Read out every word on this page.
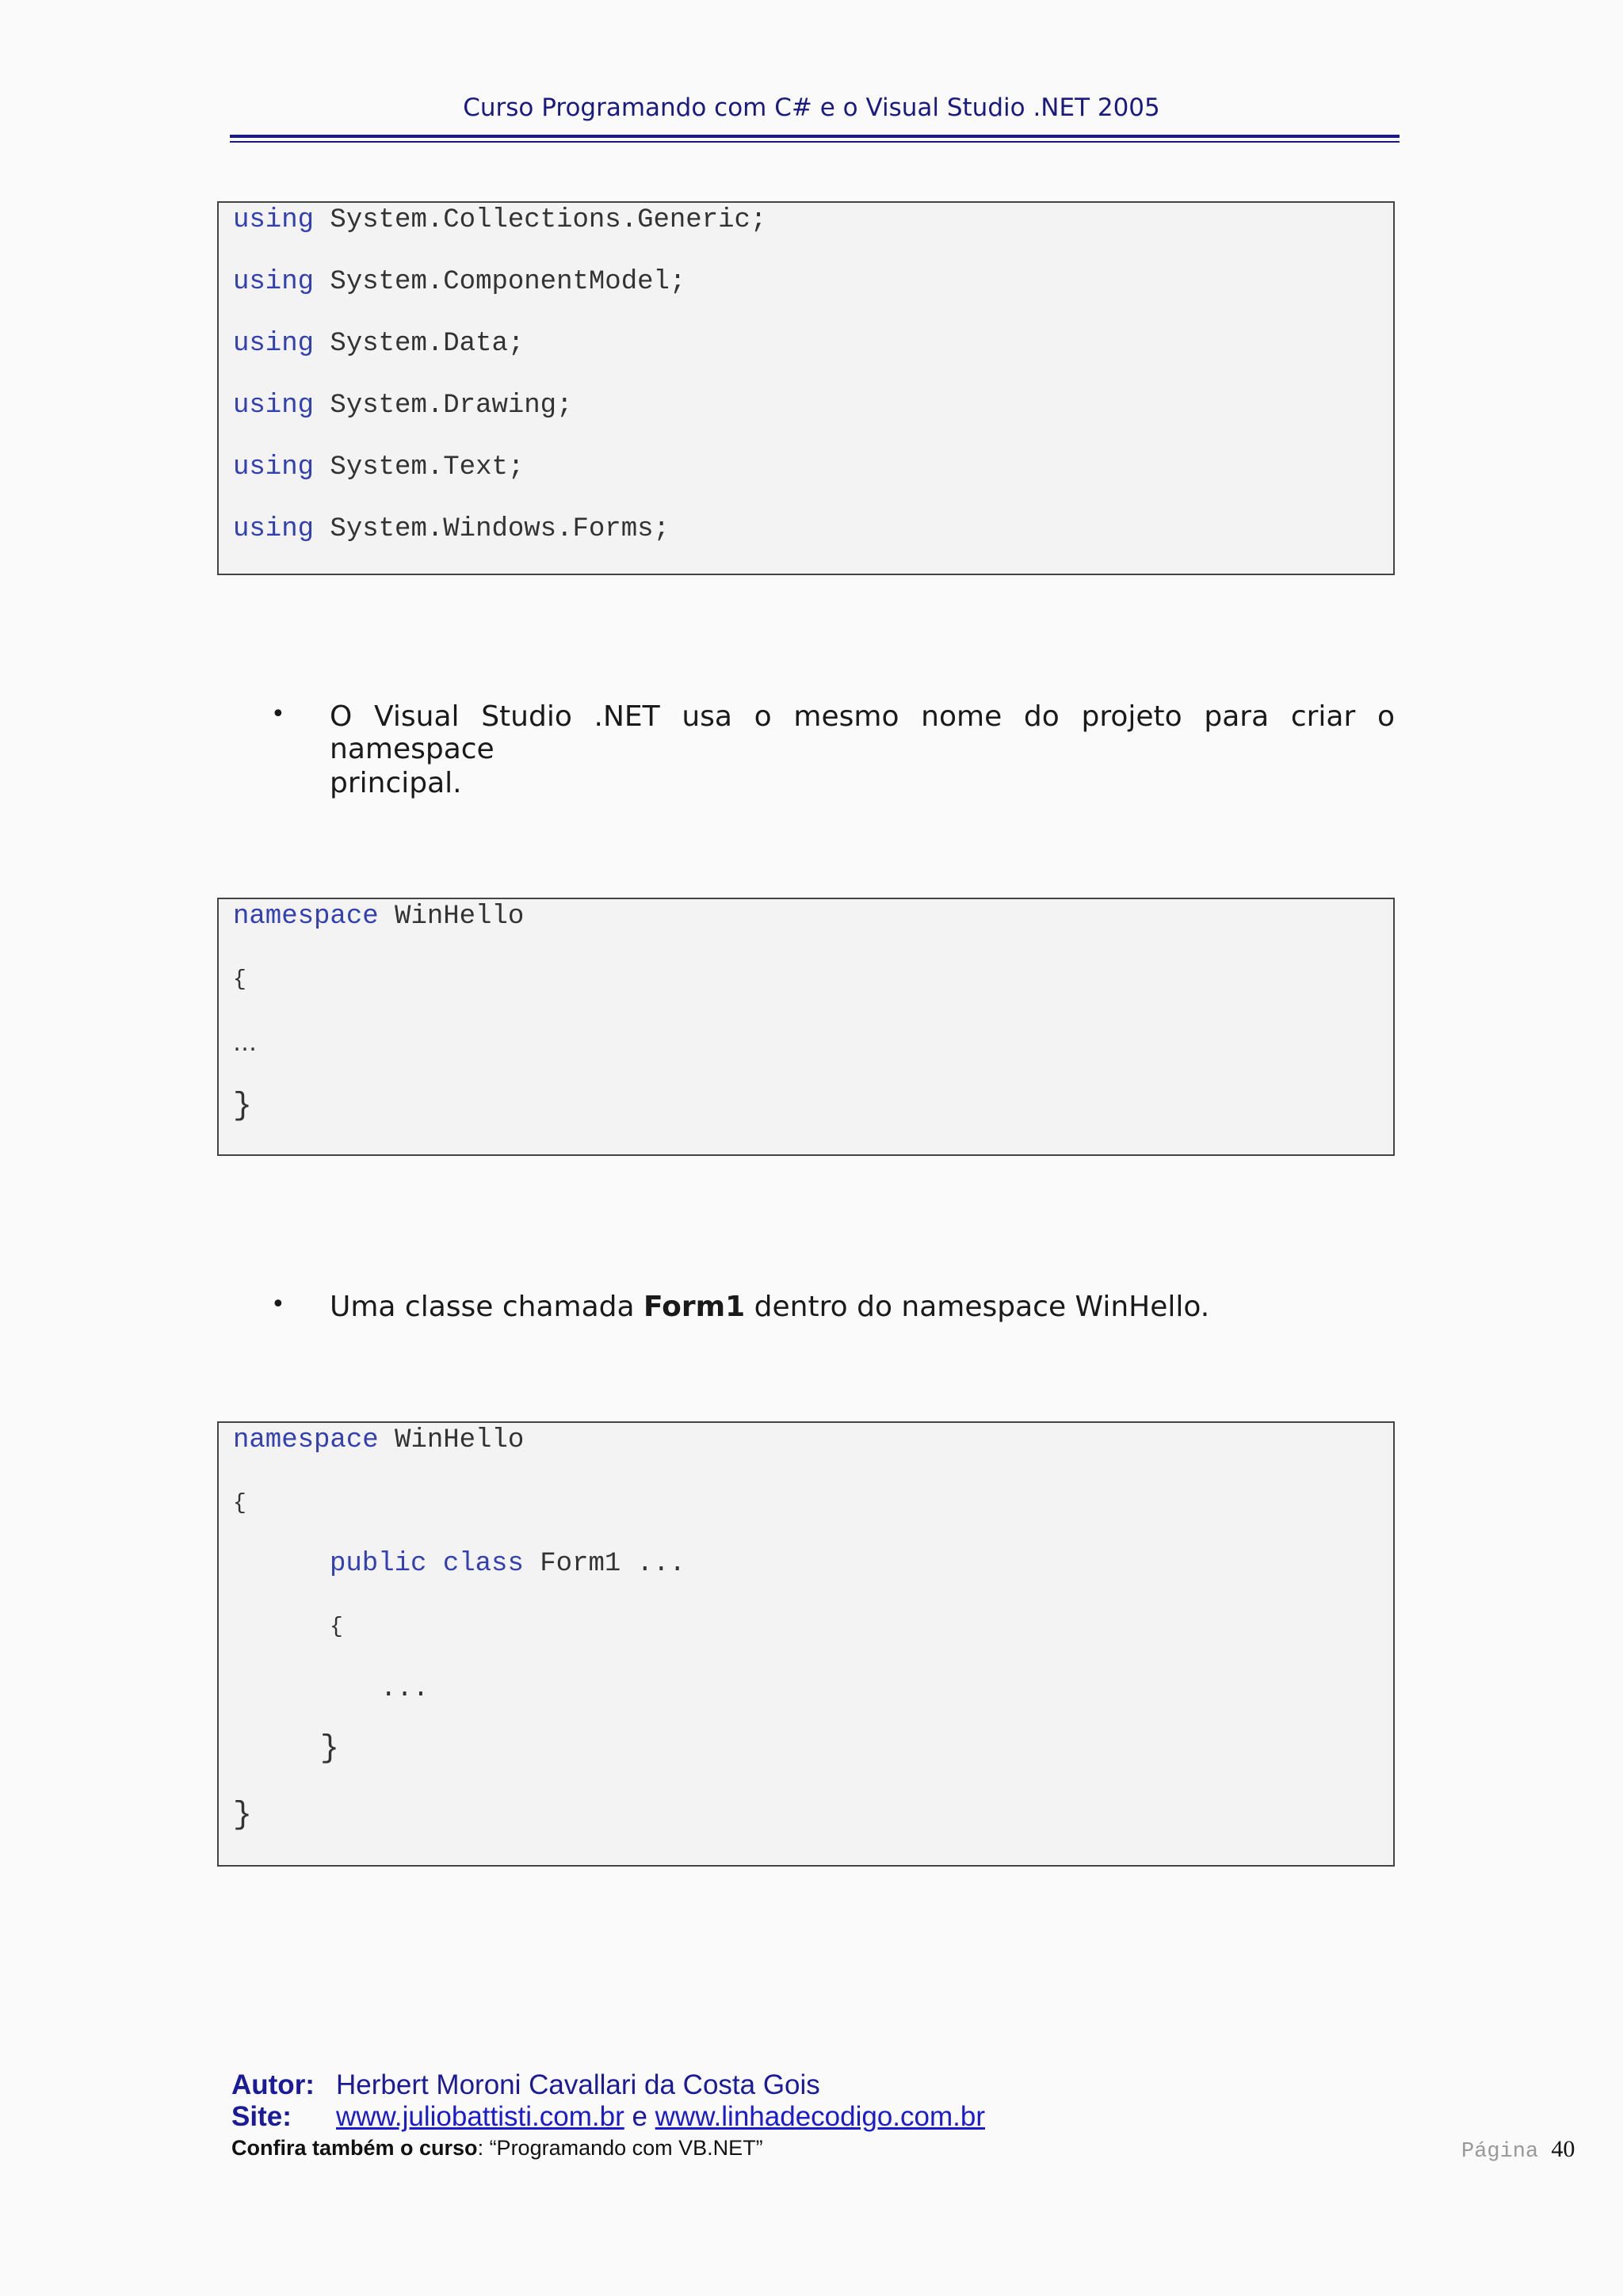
Curso Programando com C# e o Visual Studio .NET 2005
using System.Collections.Generic;
using System.ComponentModel;
using System.Data;
using System.Drawing;
using System.Text;
using System.Windows.Forms;
• O Visual Studio .NET usa o mesmo nome do projeto para criar o namespace
principal.
namespace WinHello
{
…
}
• Uma classe chamada Form1 dentro do namespace WinHello.
namespace WinHello
{
public class Form1 ...
{
...
}
}
Autor: Herbert Moroni Cavallari da Costa Gois
Site: www.juliobattisti.com.br e www.linhadecodigo.com.br
Confira também o curso: “Programando com VB.NET”	Página 40
